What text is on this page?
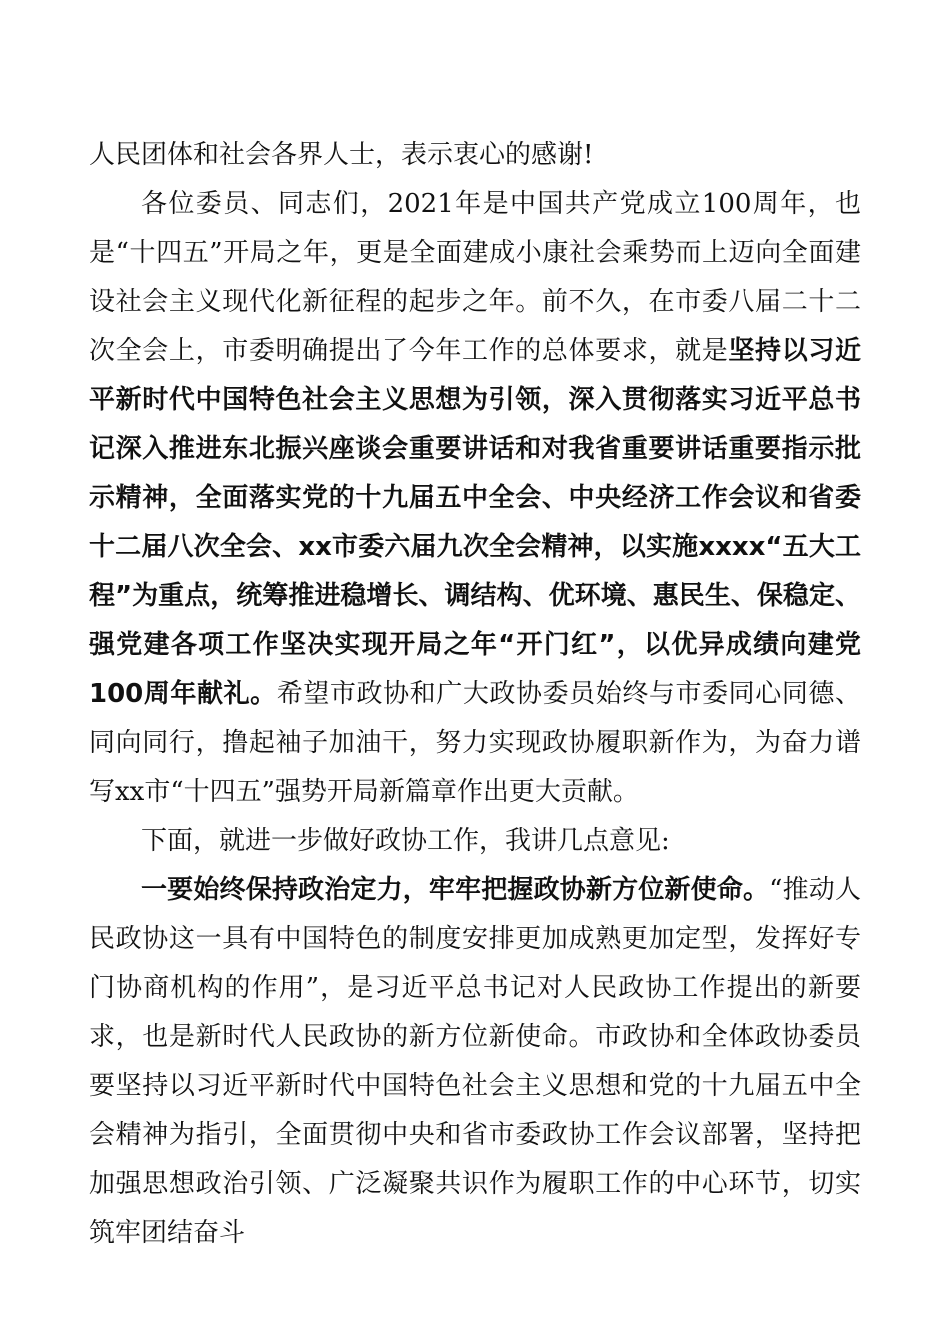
人民团体和社会各界人士，表示衷心的感谢!

各位委员、同志们，2021年是中国共产党成立100周年，也是“十四五”开局之年，更是全面建成小康社会乘势而上迈向全面建设社会主义现代化新征程的起步之年。前不久，在市委八届二十二次全会上，市委明确提出了今年工作的总体要求，就是坚持以习近平新时代中国特色社会主义思想为引领，深入贯彻落实习近平总书记深入推进东北振兴座谈会重要讲话和对我省重要讲话重要指示批示精神，全面落实党的十九届五中全会、中央经济工作会议和省委十二届八次全会、xx市委六届九次全会精神，以实施xxxx“五大工程”为重点，统筹推进稳增长、调结构、优环境、惠民生、保稳定、强党建各项工作坚决实现开局之年“开门红”，以优异成绩向建党100周年献礼。希望市政协和广大政协委员始终与市委同心同德、同向同行，撸起袖子加油干，努力实现政协履职新作为，为奋力谱写xx市“十四五”强势开局新篇章作出更大贡献。

下面，就进一步做好政协工作，我讲几点意见:

一要始终保持政治定力，牢牢把握政协新方位新使命。“推动人民政协这一具有中国特色的制度安排更加成熟更加定型，发挥好专门协商机构的作用”，是习近平总书记对人民政协工作提出的新要求，也是新时代人民政协的新方位新使命。市政协和全体政协委员要坚持以习近平新时代中国特色社会主义思想和党的十九届五中全会精神为指引，全面贯彻中央和省市委政协工作会议部署，坚持把加强思想政治引领、广泛凝聚共识作为履职工作的中心环节，切实筑牢团结奋斗
